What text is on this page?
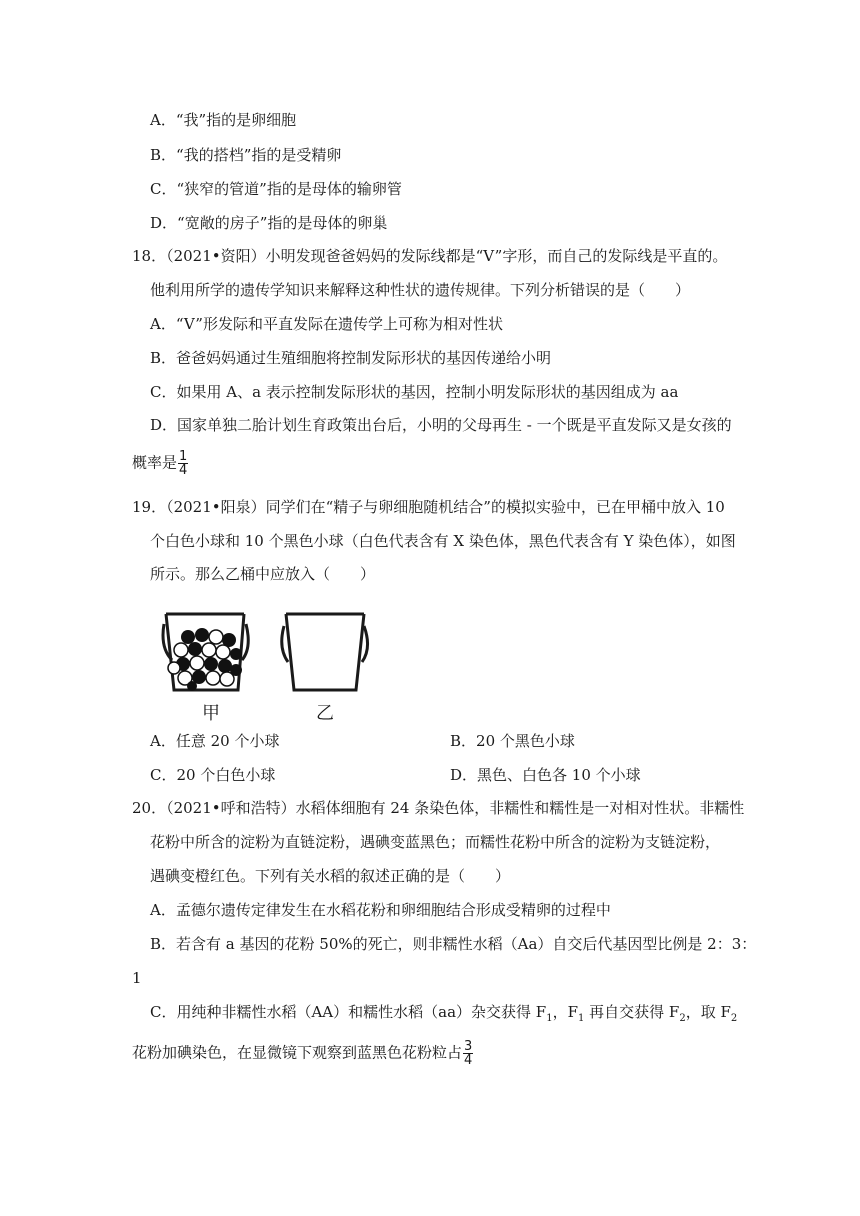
A．“我”指的是卵细胞
B．“我的搭档”指的是受精卵
C．“狭窄的管道”指的是母体的输卵管
D．“宽敞的房子”指的是母体的卵巢
18．（2021•资阳）小明发现爸爸妈妈的发际线都是“V”字形，而自己的发际线是平直的。
他利用所学的遗传学知识来解释这种性状的遗传规律。下列分析错误的是（　　）
A．“V”形发际和平直发际在遗传学上可称为相对性状
B．爸爸妈妈通过生殖细胞将控制发际形状的基因传递给小明
C．如果用 A、a 表示控制发际形状的基因，控制小明发际形状的基因组成为 aa
D．国家单独二胎计划生育政策出台后，小明的父母再生 - 一个既是平直发际又是女孩的
概率是 $\frac{1}{4}$
19．（2021•阳泉）同学们在“精子与卵细胞随机结合”的模拟实验中，已在甲桶中放入 10
个白色小球和 10 个黑色小球（白色代表含有 X 染色体，黑色代表含有 Y 染色体），如图
所示。那么乙桶中应放入（　　）
甲	乙
A．任意 20 个小球	B．20 个黑色小球
C．20 个白色小球	D．黑色、白色各 10 个小球
20．（2021•呼和浩特）水稻体细胞有 24 条染色体，非糯性和糯性是一对相对性状。非糯性
花粉中所含的淀粉为直链淀粉，遇碘变蓝黑色；而糯性花粉中所含的淀粉为支链淀粉，
遇碘变橙红色。下列有关水稻的叙述正确的是（　　）
A．孟德尔遗传定律发生在水稻花粉和卵细胞结合形成受精卵的过程中
B．若含有 a 基因的花粉 50%的死亡，则非糯性水稻（Aa）自交后代基因型比例是 2：3：
1
C．用纯种非糯性水稻（AA）和糯性水稻（aa）杂交获得 $F_1$，$F_1$ 再自交获得 $F_2$，取 $F_2$
花粉加碘染色，在显微镜下观察到蓝黑色花粉粒占 $\frac{3}{4}$
